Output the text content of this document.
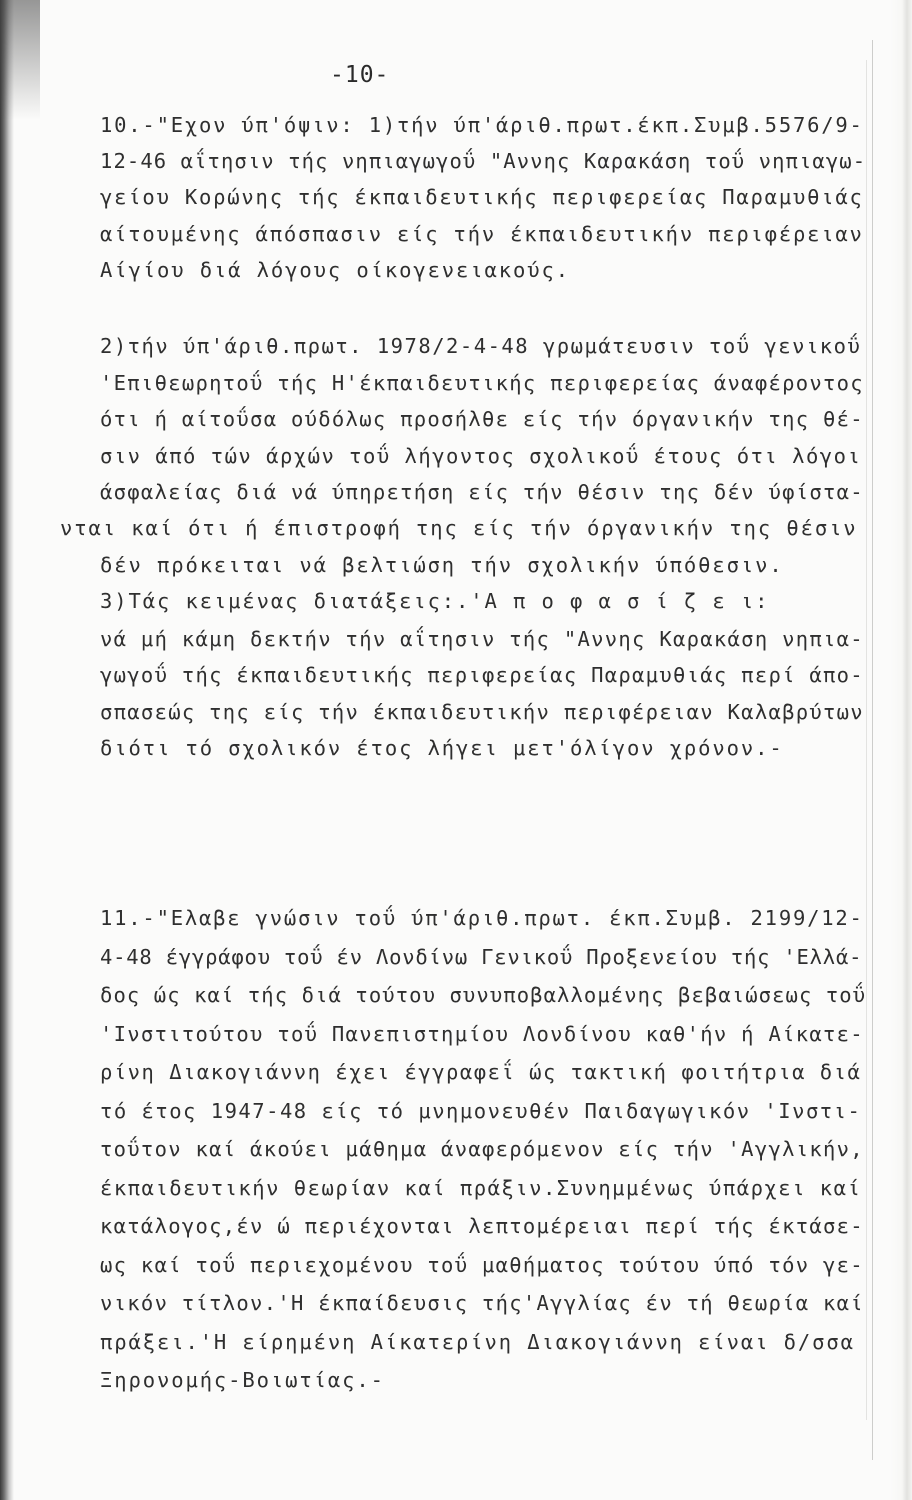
-10-
10.-"Εχον ύπ'όψιν: 1)τήν ύπ'άριθ.πρωτ.έκπ.Συμβ.5576/9-
12-46 αΐτησιν τής νηπιαγωγοΰ "Αννης Καρακάση τοΰ νηπιαγω-
γείου Κορώνης τής έκπαιδευτικής περιφερείας Παραμυθιάς
αίτουμένης άπόσπασιν είς τήν έκπαιδευτικήν περιφέρειαν
Αίγίου διά λόγους οίκογενειακούς.
2)τήν ύπ'άριθ.πρωτ. 1978/2-4-48 γρωμάτευσιν τοΰ γενικοΰ
'Επιθεωρητοΰ τής Η'έκπαιδευτικής περιφερείας άναφέροντος
ότι ή αίτοΰσα ούδόλως προσήλθε είς τήν όργανικήν της θέ-
σιν άπό τών άρχών τοΰ λήγοντος σχολικοΰ έτους ότι λόγοι
άσφαλείας διά νά ύπηρετήση είς τήν θέσιν της δέν ύφίστα-
νται καί ότι ή έπιστροφή της είς τήν όργανικήν της θέσιν
δέν πρόκειται νά βελτιώση τήν σχολικήν ύπόθεσιν.
3)Τάς κειμένας διατάξεις:.'Α π ο φ α σ ί ζ ε ι:
νά μή κάμη δεκτήν τήν αΐτησιν τής "Αννης Καρακάση νηπια-
γωγοΰ τής έκπαιδευτικής περιφερείας Παραμυθιάς περί άπο-
σπασεώς της είς τήν έκπαιδευτικήν περιφέρειαν Καλαβρύτων
διότι τό σχολικόν έτος λήγει μετ'όλίγον χρόνον.-
11.-"Ελαβε γνώσιν τοΰ ύπ'άριθ.πρωτ. έκπ.Συμβ. 2199/12-
4-48 έγγράφου τοΰ έν Λονδίνω Γενικοΰ Προξενείου τής 'Ελλά-
δος ώς καί τής διά τούτου συνυποβαλλομένης βεβαιώσεως τοΰ
'Ινστιτούτου τοΰ Πανεπιστημίου Λονδίνου καθ'ήν ή Αίκατε-
ρίνη Διακογιάννη έχει έγγραφεΐ ώς τακτική φοιτήτρια διά
τό έτος 1947-48 είς τό μνημονευθέν Παιδαγωγικόν 'Ινστι-
τοΰτον καί άκούει μάθημα άναφερόμενον είς τήν 'Αγγλικήν,
έκπαιδευτικήν θεωρίαν καί πράξιν.Συνημμένως ύπάρχει καί
κατάλογος,έν ώ περιέχονται λεπτομέρειαι περί τής έκτάσε-
ως καί τοΰ περιεχομένου τοΰ μαθήματος τούτου ύπό τόν γε-
νικόν τίτλον.'Η έκπαίδευσις τής'Αγγλίας έν τή θεωρία καί
πράξει.'Η είρημένη Αίκατερίνη Διακογιάννη είναι δ/σσα
Ξηρονομής-Βοιωτίας.-
